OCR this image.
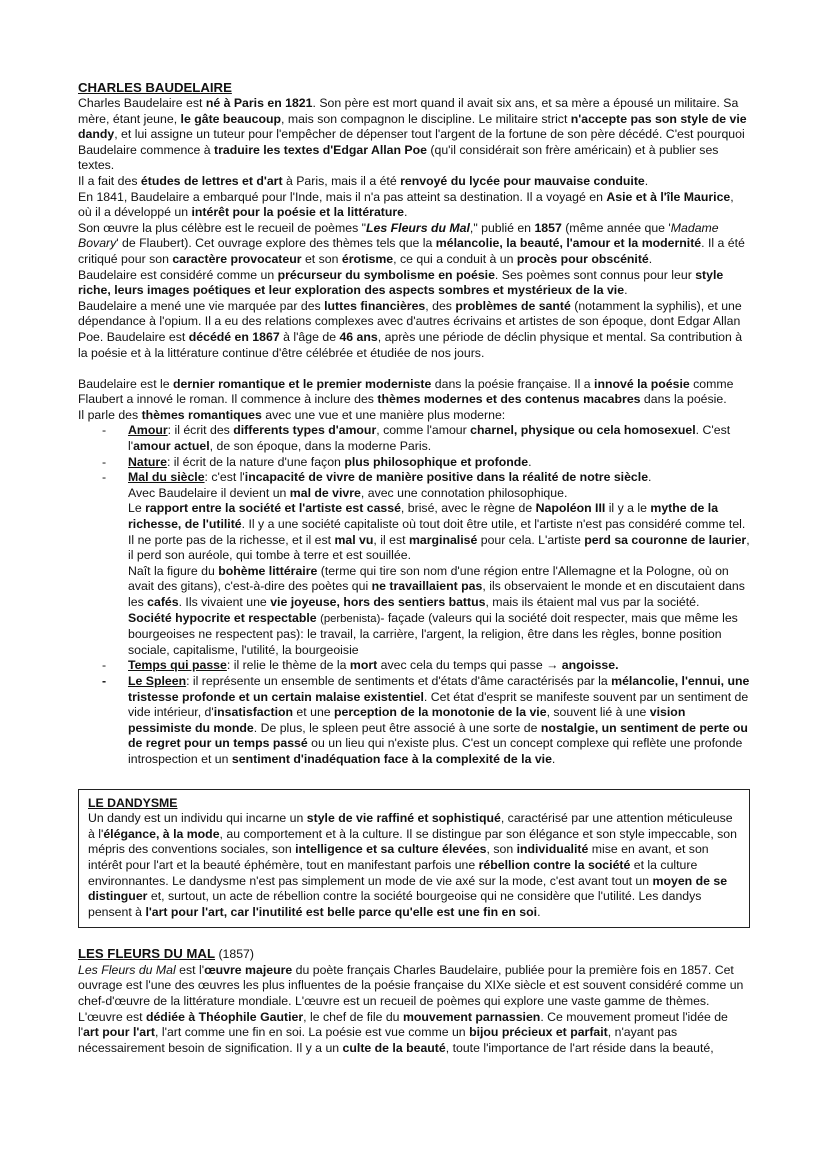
CHARLES BAUDELAIRE

Charles Baudelaire est né à Paris en 1821. Son père est mort quand il avait six ans, et sa mère a épousé un militaire. Sa mère, étant jeune, le gâte beaucoup, mais son compagnon le discipline. Le militaire strict n'accepte pas son style de vie dandy, et lui assigne un tuteur pour l'empêcher de dépenser tout l'argent de la fortune de son père décédé. C'est pourquoi Baudelaire commence à traduire les textes d'Edgar Allan Poe (qu'il considérait son frère américain) et à publier ses textes.

Il a fait des études de lettres et d'art à Paris, mais il a été renvoyé du lycée pour mauvaise conduite.

En 1841, Baudelaire a embarqué pour l'Inde, mais il n'a pas atteint sa destination. Il a voyagé en Asie et à l'île Maurice, où il a développé un intérêt pour la poésie et la littérature.

Son œuvre la plus célèbre est le recueil de poèmes "Les Fleurs du Mal," publié en 1857 (même année que 'Madame Bovary' de Flaubert). Cet ouvrage explore des thèmes tels que la mélancolie, la beauté, l'amour et la modernité. Il a été critiqué pour son caractère provocateur et son érotisme, ce qui a conduit à un procès pour obscénité.

Baudelaire est considéré comme un précurseur du symbolisme en poésie. Ses poèmes sont connus pour leur style riche, leurs images poétiques et leur exploration des aspects sombres et mystérieux de la vie.

Baudelaire a mené une vie marquée par des luttes financières, des problèmes de santé (notamment la syphilis), et une dépendance à l'opium. Il a eu des relations complexes avec d'autres écrivains et artistes de son époque, dont Edgar Allan Poe. Baudelaire est décédé en 1867 à l'âge de 46 ans, après une période de déclin physique et mental. Sa contribution à la poésie et à la littérature continue d'être célébrée et étudiée de nos jours.

Baudelaire est le dernier romantique et le premier moderniste dans la poésie française. Il a innové la poésie comme Flaubert a innové le roman. Il commence à inclure des thèmes modernes et des contenus macabres dans la poésie.

Il parle des thèmes romantiques avec une vue et une manière plus moderne:

- Amour: il écrit des differents types d'amour, comme l'amour charnel, physique ou cela homosexuel. C'est l'amour actuel, de son époque, dans la moderne Paris.
- Nature: il écrit de la nature d'une façon plus philosophique et profonde.
- Mal du siècle: c'est l'incapacité de vivre de manière positive dans la réalité de notre siècle.
Avec Baudelaire il devient un mal de vivre, avec une connotation philosophique.
Le rapport entre la société et l'artiste est cassé, brisé, avec le règne de Napoléon III il y a le mythe de la richesse, de l'utilité. Il y a une société capitaliste où tout doit être utile, et l'artiste n'est pas considéré comme tel. Il ne porte pas de la richesse, et il est mal vu, il est marginalisé pour cela. L'artiste perd sa couronne de laurier, il perd son auréole, qui tombe à terre et est souillée.
Naît la figure du bohème littéraire (terme qui tire son nom d'une région entre l'Allemagne et la Pologne, où on avait des gitans), c'est-à-dire des poètes qui ne travaillaient pas, ils observaient le monde et en discutaient dans les cafés. Ils vivaient une vie joyeuse, hors des sentiers battus, mais ils étaient mal vus par la société.
Société hypocrite et respectable (perbenista)- façade (valeurs qui la société doit respecter, mais que même les bourgeoises ne respectent pas): le travail, la carrière, l'argent, la religion, être dans les règles, bonne position sociale, capitalisme, l'utilité, la bourgeoisie
- Temps qui passe: il relie le thème de la mort avec cela du temps qui passe → angoisse.
- Le Spleen: il représente un ensemble de sentiments et d'états d'âme caractérisés par la mélancolie, l'ennui, une tristesse profonde et un certain malaise existentiel. Cet état d'esprit se manifeste souvent par un sentiment de vide intérieur, d'insatisfaction et une perception de la monotonie de la vie, souvent lié à une vision pessimiste du monde. De plus, le spleen peut être associé à une sorte de nostalgie, un sentiment de perte ou de regret pour un temps passé ou un lieu qui n'existe plus. C'est un concept complexe qui reflète une profonde introspection et un sentiment d'inadéquation face à la complexité de la vie.
LE DANDYSME

Un dandy est un individu qui incarne un style de vie raffiné et sophistiqué, caractérisé par une attention méticuleuse à l'élégance, à la mode, au comportement et à la culture. Il se distingue par son élégance et son style impeccable, son mépris des conventions sociales, son intelligence et sa culture élevées, son individualité mise en avant, et son intérêt pour l'art et la beauté éphémère, tout en manifestant parfois une rébellion contre la société et la culture environnantes. Le dandysme n'est pas simplement un mode de vie axé sur la mode, c'est avant tout un moyen de se distinguer et, surtout, un acte de rébellion contre la société bourgeoise qui ne considère que l'utilité. Les dandys pensent à l'art pour l'art, car l'inutilité est belle parce qu'elle est une fin en soi.

LES FLEURS DU MAL (1857)

Les Fleurs du Mal est l'œuvre majeure du poète français Charles Baudelaire, publiée pour la première fois en 1857. Cet ouvrage est l'une des œuvres les plus influentes de la poésie française du XIXe siècle et est souvent considéré comme un chef-d'œuvre de la littérature mondiale. L'œuvre est un recueil de poèmes qui explore une vaste gamme de thèmes.

L'œuvre est dédiée à Théophile Gautier, le chef de file du mouvement parnassien. Ce mouvement promeut l'idée de l'art pour l'art, l'art comme une fin en soi. La poésie est vue comme un bijou précieux et parfait, n'ayant pas nécessairement besoin de signification. Il y a un culte de la beauté, toute l'importance de l'art réside dans la beauté,
